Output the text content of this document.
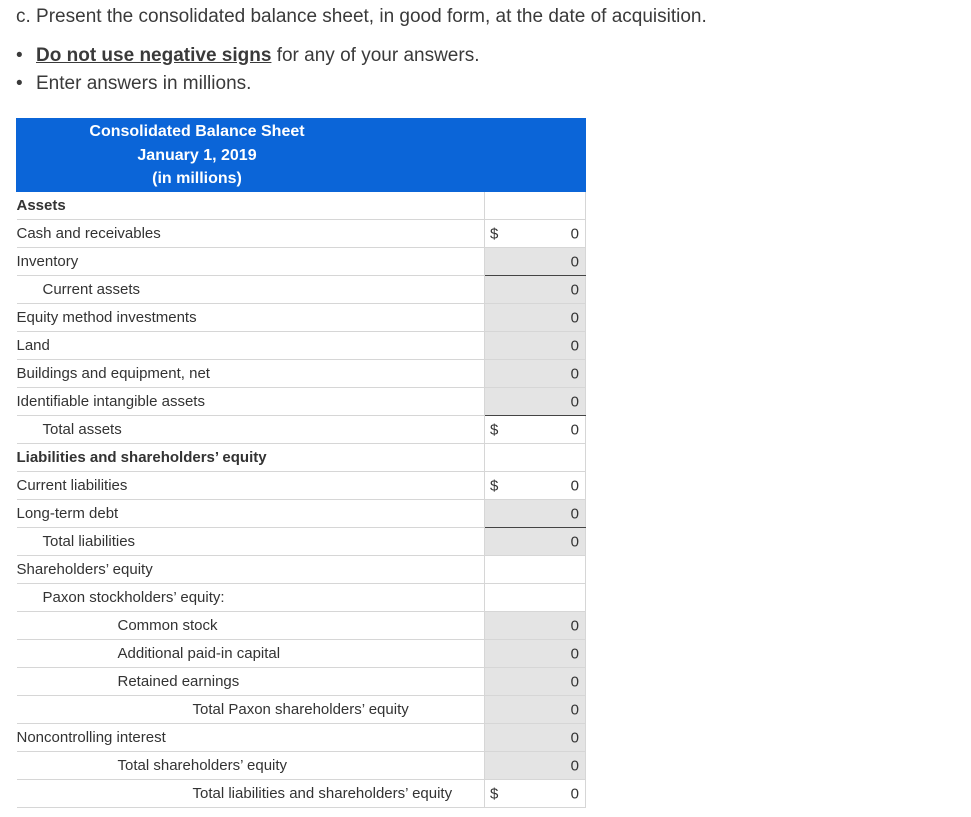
c. Present the consolidated balance sheet, in good form, at the date of acquisition.
• Do not use negative signs for any of your answers.
• Enter answers in millions.
Consolidated Balance Sheet
January 1, 2019
(in millions)	

Assets	
Cash and receivables	$ 0

Inventory	0

Current assets	0

Equity method investments	0

Land	0

Buildings and equipment, net	0

Identifiable intangible assets	0

Total assets	$ 0

Liabilities and shareholders’ equity	
Current liabilities	$ 0

Long-term debt	0

Total liabilities	0

Shareholders’ equity	
Paxon stockholders’ equity:	
Common stock	0

Additional paid-in capital	0

Retained earnings	0

Total Paxon shareholders’ equity	0

Noncontrolling interest	0

Total shareholders’ equity	0

Total liabilities and shareholders’ equity	$ 0
